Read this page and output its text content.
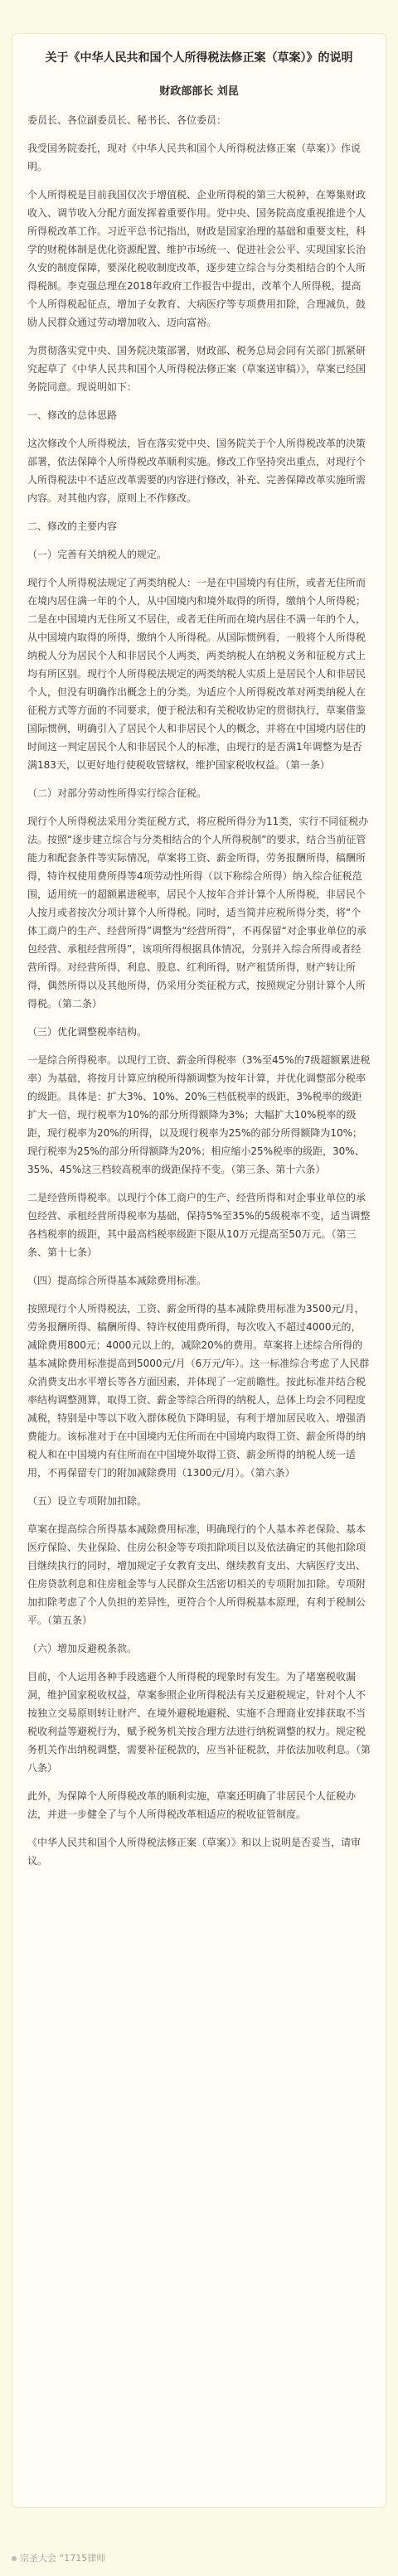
关于《中华人民共和国个人所得税法修正案（草案）》的说明
财政部部长 刘昆

委员长、各位副委员长、秘书长、各位委员：

我受国务院委托，现对《中华人民共和国个人所得税法修正案（草案）》作说明。

个人所得税是目前我国仅次于增值税、企业所得税的第三大税种，在筹集财政收入、调节收入分配方面发挥着重要作用。党中央、国务院高度重视推进个人所得税改革工作。习近平总书记指出，财政是国家治理的基础和重要支柱，科学的财税体制是优化资源配置、维护市场统一、促进社会公平、实现国家长治久安的制度保障，要深化税收制度改革，逐步建立综合与分类相结合的个人所得税制。李克强总理在2018年政府工作报告中提出，改革个人所得税，提高个人所得税起征点，增加子女教育、大病医疗等专项费用扣除，合理减负，鼓励人民群众通过劳动增加收入、迈向富裕。

为贯彻落实党中央、国务院决策部署，财政部、税务总局会同有关部门抓紧研究起草了《中华人民共和国个人所得税法修正案（草案送审稿）》，草案已经国务院同意。现说明如下：

一、修改的总体思路

这次修改个人所得税法，旨在落实党中央、国务院关于个人所得税改革的决策部署，依法保障个人所得税改革顺利实施。修改工作坚持突出重点，对现行个人所得税法中不适应改革需要的内容进行修改，补充、完善保障改革实施所需内容。对其他内容，原则上不作修改。

二、修改的主要内容

（一）完善有关纳税人的规定。

现行个人所得税法规定了两类纳税人：一是在中国境内有住所，或者无住所而在境内居住满一年的个人，从中国境内和境外取得的所得，缴纳个人所得税；二是在中国境内无住所又不居住，或者无住所而在境内居住不满一年的个人，从中国境内取得的所得，缴纳个人所得税。从国际惯例看，一般将个人所得税纳税人分为居民个人和非居民个人两类，两类纳税人在纳税义务和征税方式上均有所区别。现行个人所得税法规定的两类纳税人实质上是居民个人和非居民个人，但没有明确作出概念上的分类。为适应个人所得税改革对两类纳税人在征税方式等方面的不同要求，便于税法和有关税收协定的贯彻执行，草案借鉴国际惯例，明确引入了居民个人和非居民个人的概念，并将在中国境内居住的时间这一判定居民个人和非居民个人的标准，由现行的是否满1年调整为是否满183天，以更好地行使税收管辖权，维护国家税收权益。（第一条）

（二）对部分劳动性所得实行综合征税。

现行个人所得税法采用分类征税方式，将应税所得分为11类，实行不同征税办法。按照“逐步建立综合与分类相结合的个人所得税制”的要求，结合当前征管能力和配套条件等实际情况，草案将工资、薪金所得，劳务报酬所得，稿酬所得，特许权使用费所得等4项劳动性所得（以下称综合所得）纳入综合征税范围，适用统一的超额累进税率，居民个人按年合并计算个人所得税，非居民个人按月或者按次分项计算个人所得税。同时，适当简并应税所得分类，将“个体工商户的生产、经营所得”调整为“经营所得”，不再保留“对企事业单位的承包经营、承租经营所得”，该项所得根据具体情况，分别并入综合所得或者经营所得。对经营所得，利息、股息、红利所得，财产租赁所得，财产转让所得，偶然所得以及其他所得，仍采用分类征税方式，按照规定分别计算个人所得税。（第二条）

（三）优化调整税率结构。

一是综合所得税率。以现行工资、薪金所得税率（3%至45%的7级超额累进税率）为基础，将按月计算应纳税所得额调整为按年计算，并优化调整部分税率的级距。具体是：扩大3%、10%、20%三档低税率的级距，3%税率的级距扩大一倍，现行税率为10%的部分所得额降为3%；大幅扩大10%税率的级距，现行税率为20%的所得，以及现行税率为25%的部分所得额降为10%；现行税率为25%的部分所得额降为20%；相应缩小25%税率的级距，30%、35%、45%这三档较高税率的级距保持不变。（第三条、第十六条）

二是经营所得税率。以现行个体工商户的生产、经营所得和对企事业单位的承包经营、承租经营所得税率为基础，保持5%至35%的5级税率不变，适当调整各档税率的级距，其中最高档税率级距下限从10万元提高至50万元。（第三条、第十七条）

（四）提高综合所得基本减除费用标准。

按照现行个人所得税法，工资、薪金所得的基本减除费用标准为3500元/月，劳务报酬所得、稿酬所得、特许权使用费所得，每次收入不超过4000元的，减除费用800元；4000元以上的，减除20%的费用。草案将上述综合所得的基本减除费用标准提高到5000元/月（6万元/年）。这一标准综合考虑了人民群众消费支出水平增长等各方面因素，并体现了一定前瞻性。按此标准并结合税率结构调整测算，取得工资、薪金等综合所得的纳税人，总体上均会不同程度减税，特别是中等以下收入群体税负下降明显，有利于增加居民收入、增强消费能力。该标准对于在中国境内无住所而在中国境内取得工资、薪金所得的纳税人和在中国境内有住所而在中国境外取得工资、薪金所得的纳税人统一适用，不再保留专门的附加减除费用（1300元/月）。（第六条）

（五）设立专项附加扣除。

草案在提高综合所得基本减除费用标准，明确现行的个人基本养老保险、基本医疗保险、失业保险、住房公积金等专项扣除项目以及依法确定的其他扣除项目继续执行的同时，增加规定子女教育支出、继续教育支出、大病医疗支出、住房贷款利息和住房租金等与人民群众生活密切相关的专项附加扣除。专项附加扣除考虑了个人负担的差异性，更符合个人所得税基本原理，有利于税制公平。（第五条）

（六）增加反避税条款。

目前，个人运用各种手段逃避个人所得税的现象时有发生。为了堵塞税收漏洞，维护国家税收权益，草案参照企业所得税法有关反避税规定，针对个人不按独立交易原则转让财产、在境外避税地避税、实施不合理商业安排获取不当税收利益等避税行为，赋予税务机关按合理方法进行纳税调整的权力。规定税务机关作出纳税调整，需要补征税款的，应当补征税款，并依法加收利息。（第八条）

此外，为保障个人所得税改革的顺利实施，草案还明确了非居民个人征税办法，并进一步健全了与个人所得税改革相适应的税收征管制度。

《中华人民共和国个人所得税法修正案（草案）》和以上说明是否妥当，请审议。

宗圣大会 “1715律师
